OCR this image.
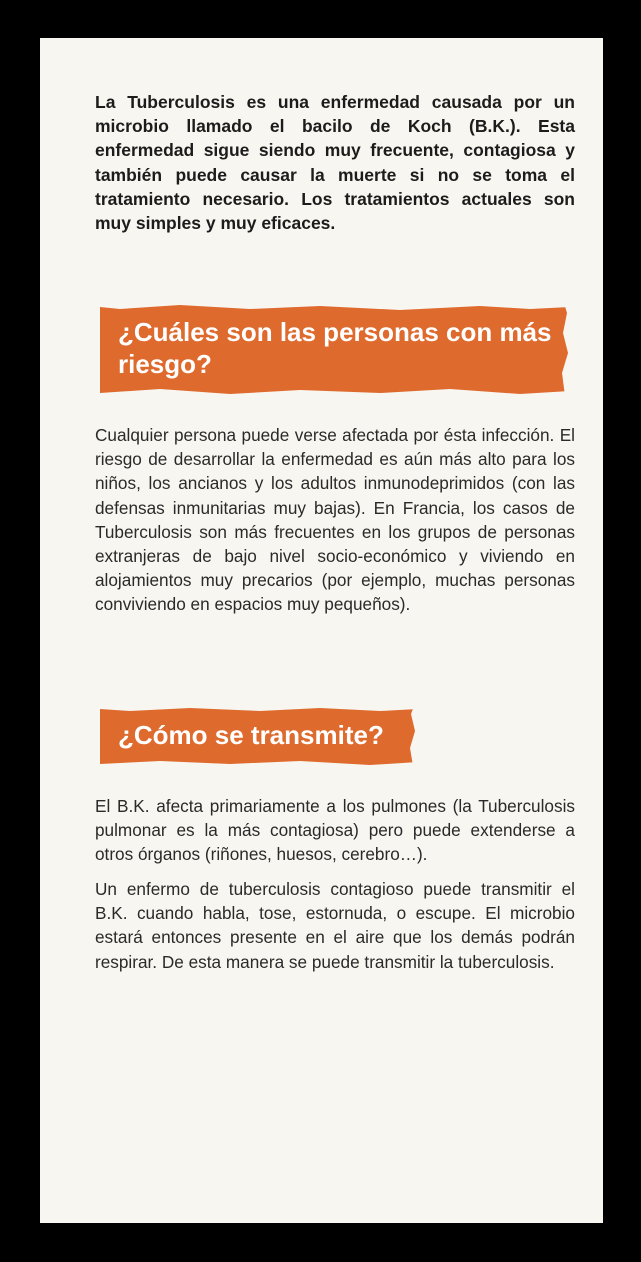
La Tuberculosis es una enfermedad causada por un microbio llamado el bacilo de Koch (B.K.). Esta enfermedad sigue siendo muy frecuente, contagiosa y también puede causar la muerte si no se toma el tratamiento necesario. Los tratamientos actuales son muy simples y muy eficaces.

¿Cuáles son las personas con más riesgo?

Cualquier persona puede verse afectada por ésta infección. El riesgo de desarrollar la enfermedad es aún más alto para los niños, los ancianos y los adultos inmunodeprimidos (con las defensas inmunitarias muy bajas). En Francia, los casos de Tuberculosis son más frecuentes en los grupos de personas extranjeras de bajo nivel socio-económico y viviendo en alojamientos muy precarios (por ejemplo, muchas personas conviviendo en espacios muy pequeños).

¿Cómo se transmite?

El B.K. afecta primariamente a los pulmones (la Tuberculosis pulmonar es la más contagiosa) pero puede extenderse a otros órganos (riñones, huesos, cerebro…).

Un enfermo de tuberculosis contagioso puede transmitir el B.K. cuando habla, tose, estornuda, o escupe. El microbio estará entonces presente en el aire que los demás podrán respirar. De esta manera se puede transmitir la tuberculosis.
